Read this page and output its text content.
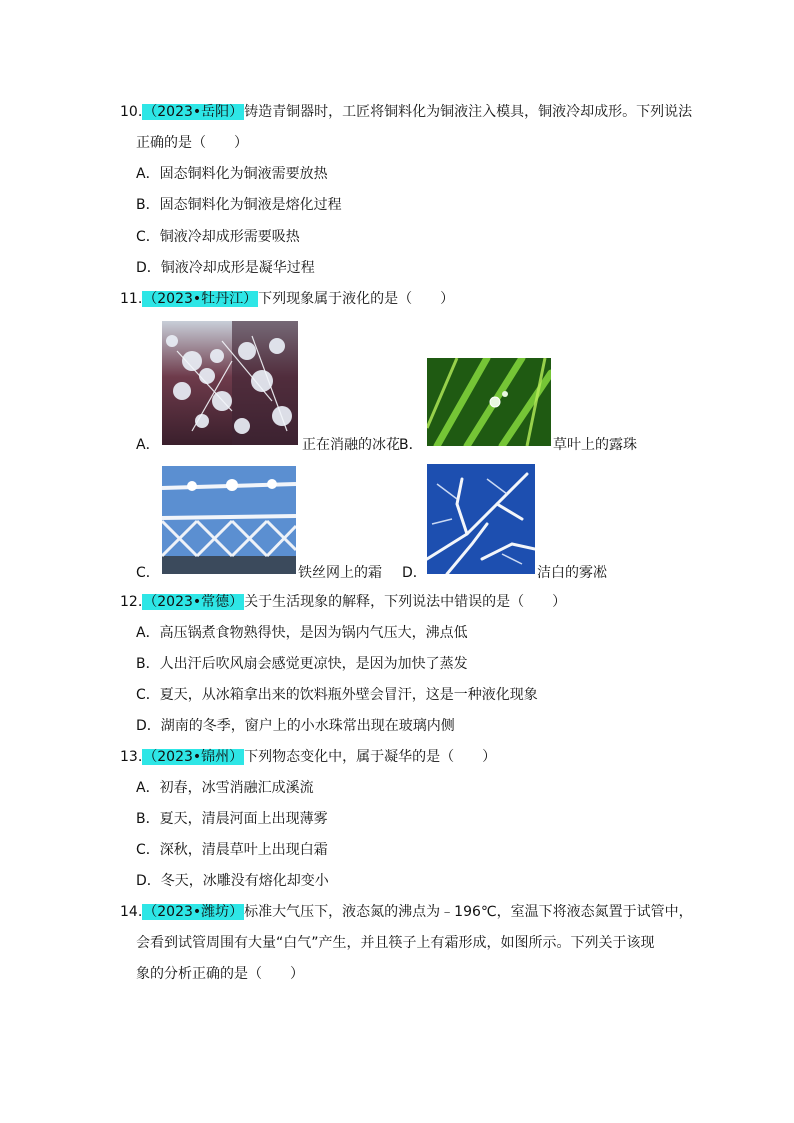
10.（2023•岳阳）铸造青铜器时，工匠将铜料化为铜液注入模具，铜液冷却成形。下列说法
正确的是（　　）
A．固态铜料化为铜液需要放热
B．固态铜料化为铜液是熔化过程
C．铜液冷却成形需要吸热
D．铜液冷却成形是凝华过程
11.（2023•牡丹江）下列现象属于液化的是（　　）
A．	正在消融的冰花 B．	草叶上的露珠
C．	铁丝网上的霜 D．	洁白的雾凇
12.（2023•常德）关于生活现象的解释，下列说法中错误的是（　　）
A．高压锅煮食物熟得快，是因为锅内气压大，沸点低
B．人出汗后吹风扇会感觉更凉快，是因为加快了蒸发
C．夏天，从冰箱拿出来的饮料瓶外壁会冒汗，这是一种液化现象
D．湖南的冬季，窗户上的小水珠常出现在玻璃内侧
13.（2023•锦州）下列物态变化中，属于凝华的是（　　）
A．初春，冰雪消融汇成溪流
B．夏天，清晨河面上出现薄雾
C．深秋，清晨草叶上出现白霜
D．冬天，冰雕没有熔化却变小
14.（2023•潍坊）标准大气压下，液态氮的沸点为﹣196℃，室温下将液态氮置于试管中，
会看到试管周围有大量“白气”产生，并且筷子上有霜形成，如图所示。下列关于该现
象的分析正确的是（　　）
